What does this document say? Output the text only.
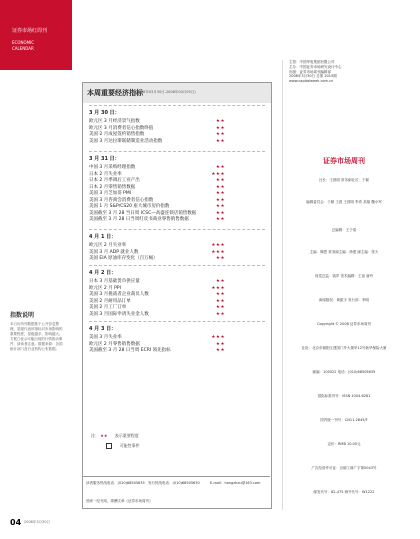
证券市场红周刊
ECONOMIC
CALENDAR
指数说明
本日历所列数据基于公开信息整理，星级代表该指标对市场影响的重要程度，星级越多，影响越大。方框□表示可能出现的行情波动事件，请读者注意。数据来源：各国统计部门及行业机构公布数据。
04 2008年3月30日
本周重要经济指标
(2008年03月30日-2008年04月05日)
3 月 30 日：
欧元区 3 月经济景气指数	★★
欧元区 3 月消费者信心指数终值	★★
美国 2 月成屋签约销售指数	★★
美国 3 月达拉斯联储制造业活动指数	★★
3 月 31 日：
中国 3 月采购经理指数	★★
日本 2 月失业率	★★★
日本 2 月季调后工业产出	★★
日本 2 月零售销售数据	★★
美国 3 月芝加哥 PMI	★★
美国 3 月咨商会消费者信心指数	★★
美国 1 月 S&P/CS20 座大城市房价指数	★★
美国截至 3 月 28 当日周 ICSC—高盛连锁店销售数据	★★
美国截至 3 月 28 日当周红皮书商业零售销售数据	★★
4 月 1 日：
欧元区 2 月失业率	★★★
美国 3 月 ADP 就业人数	★★★
美国 EIA 原油库存变化（百万桶）	★★
4 月 2 日：
日本 3 月基础货币供应量	★★
欧元区 2 月 PPI	★★★
美国 3 月挑战者企业裁员人数	★★
美国 2 月耐用品订单	★★
美国 2 月工厂订单	★★
美国 3 月国际申请失业金人数	★★
4 月 3 日：
美国 3 月失业率	★★★
欧元区 2 月零售销售数据	★★
美国截至 3 月 28 日当周 ECRI 领先指标	★★
注： ★★ 表示重要程度
可能性事件
读者服务热线电话：(010)68505635 发行热线电话：(010)68505630	E-mail：hongzhou@163.com
独家一经刊用，即酬文章《证券市场周刊》
主管：中国华电集团有限公司
主办：中国证券市场研究设计中心
出版：证券市场周刊编辑部
2008年3月30日 总第 2015期
www.capitalweek.com.cn
证券市场周刊
社长：王波明 常务副社长：于颖
编辑委员会：于颖 王波 王波明 李青 高翔 魏小军
总编辑：王子梁
主编：佩恩 常务副主编：徐建 副主编：张天
视觉总监：钱岸 美术编辑：王蓓 唐玲
新闻版权：黄振宇 发行部：李明
Copyright © 2008 证券市场周刊
社址：北京市朝阳区建国门外大街甲12号新华保险大厦
邮编：100022 电话：(010)68505635
国际标准刊号：ISSN 1004-6281
国内统一刊号：CN11-2845/F
定价：RMB 10.00元
广告经营许可证：京朝工商广字第0043号
邮发代号：82-475 海外代号：W1222
